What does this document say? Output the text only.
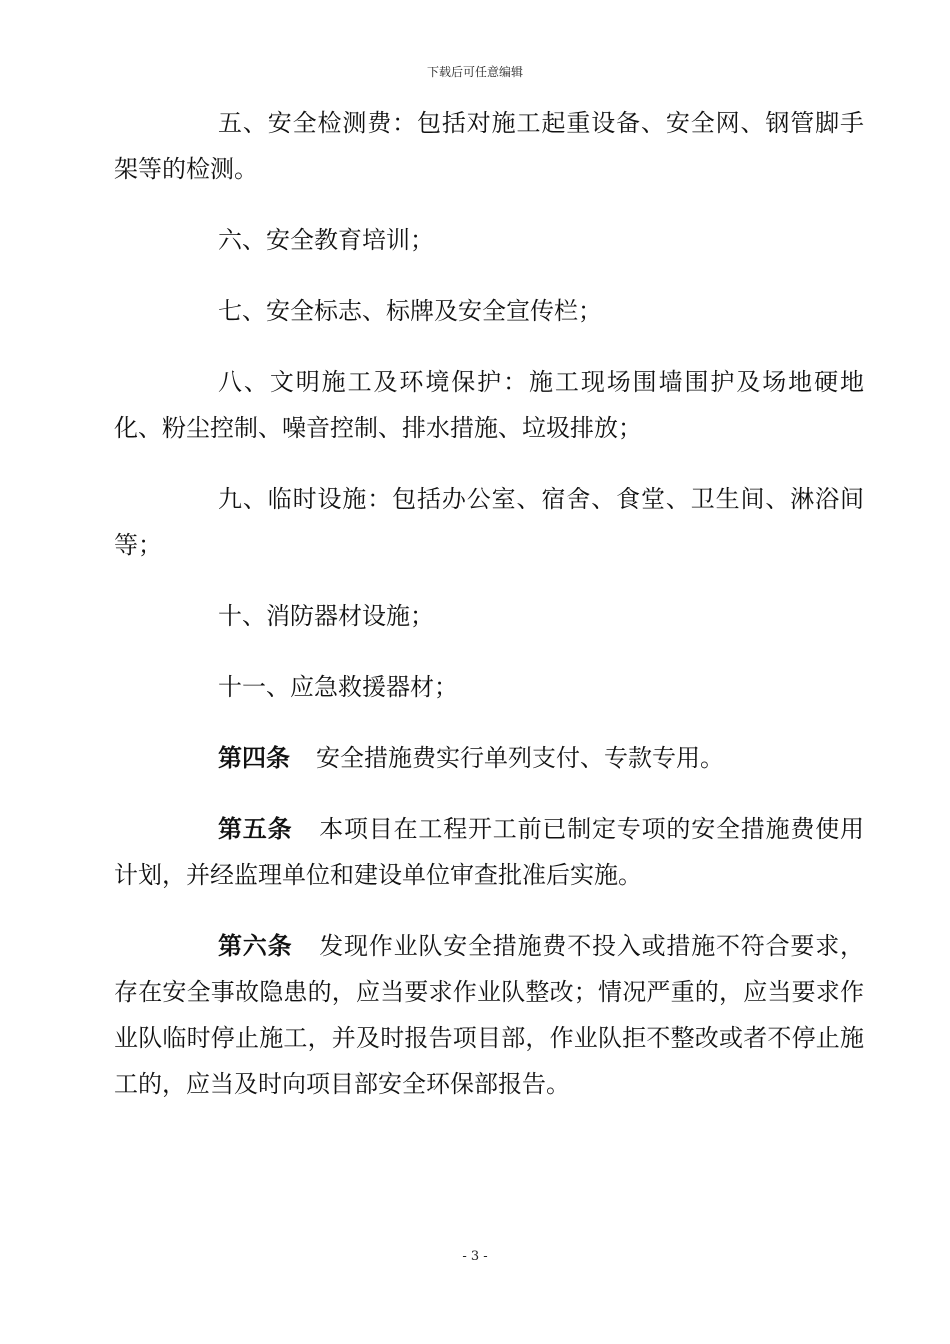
下载后可任意编辑

五、安全检测费：包括对施工起重设备、安全网、钢管脚手架等的检测。

六、安全教育培训；

七、安全标志、标牌及安全宣传栏；

八、文明施工及环境保护：施工现场围墙围护及场地硬地化、粉尘控制、噪音控制、排水措施、垃圾排放；

九、临时设施：包括办公室、宿舍、食堂、卫生间、淋浴间等；

十、消防器材设施；

十一、应急救援器材；

第四条 安全措施费实行单列支付、专款专用。

第五条 本项目在工程开工前已制定专项的安全措施费使用计划，并经监理单位和建设单位审查批准后实施。

第六条 发现作业队安全措施费不投入或措施不符合要求，存在安全事故隐患的，应当要求作业队整改；情况严重的，应当要求作业队临时停止施工，并及时报告项目部，作业队拒不整改或者不停止施工的，应当及时向项目部安全环保部报告。

- 3 -
